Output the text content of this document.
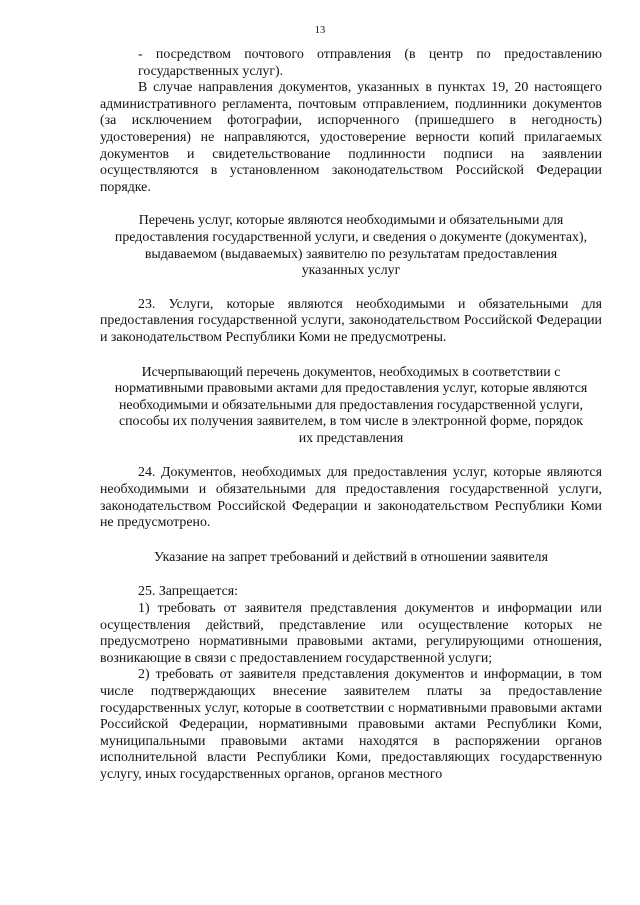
13

- посредством почтового отправления (в центр по предоставлению государственных услуг).

В случае направления документов, указанных в пунктах 19, 20 настоящего административного регламента, почтовым отправлением, подлинники документов (за исключением фотографии, испорченного (пришедшего в негодность) удостоверения) не направляются, удостоверение верности копий прилагаемых документов и свидетельствование подлинности подписи на заявлении осуществляются в установленном законодательством Российской Федерации порядке.

Перечень услуг, которые являются необходимыми и обязательными для предоставления государственной услуги, и сведения о документе (документах), выдаваемом (выдаваемых) заявителю по результатам предоставления указанных услуг

23. Услуги, которые являются необходимыми и обязательными для предоставления государственной услуги, законодательством Российской Федерации и законодательством Республики Коми не предусмотрены.

Исчерпывающий перечень документов, необходимых в соответствии с нормативными правовыми актами для предоставления услуг, которые являются необходимыми и обязательными для предоставления государственной услуги, способы их получения заявителем, в том числе в электронной форме, порядок их представления

24. Документов, необходимых для предоставления услуг, которые являются необходимыми и обязательными для предоставления государственной услуги, законодательством Российской Федерации и законодательством Республики Коми не предусмотрено.

Указание на запрет требований и действий в отношении заявителя

25. Запрещается:

1) требовать от заявителя представления документов и информации или осуществления действий, представление или осуществление которых не предусмотрено нормативными правовыми актами, регулирующими отношения, возникающие в связи с предоставлением государственной услуги;

2) требовать от заявителя представления документов и информации, в том числе подтверждающих внесение заявителем платы за предоставление государственных услуг, которые в соответствии с нормативными правовыми актами Российской Федерации, нормативными правовыми актами Республики Коми, муниципальными правовыми актами находятся в распоряжении органов исполнительной власти Республики Коми, предоставляющих государственную услугу, иных государственных органов, органов местного
